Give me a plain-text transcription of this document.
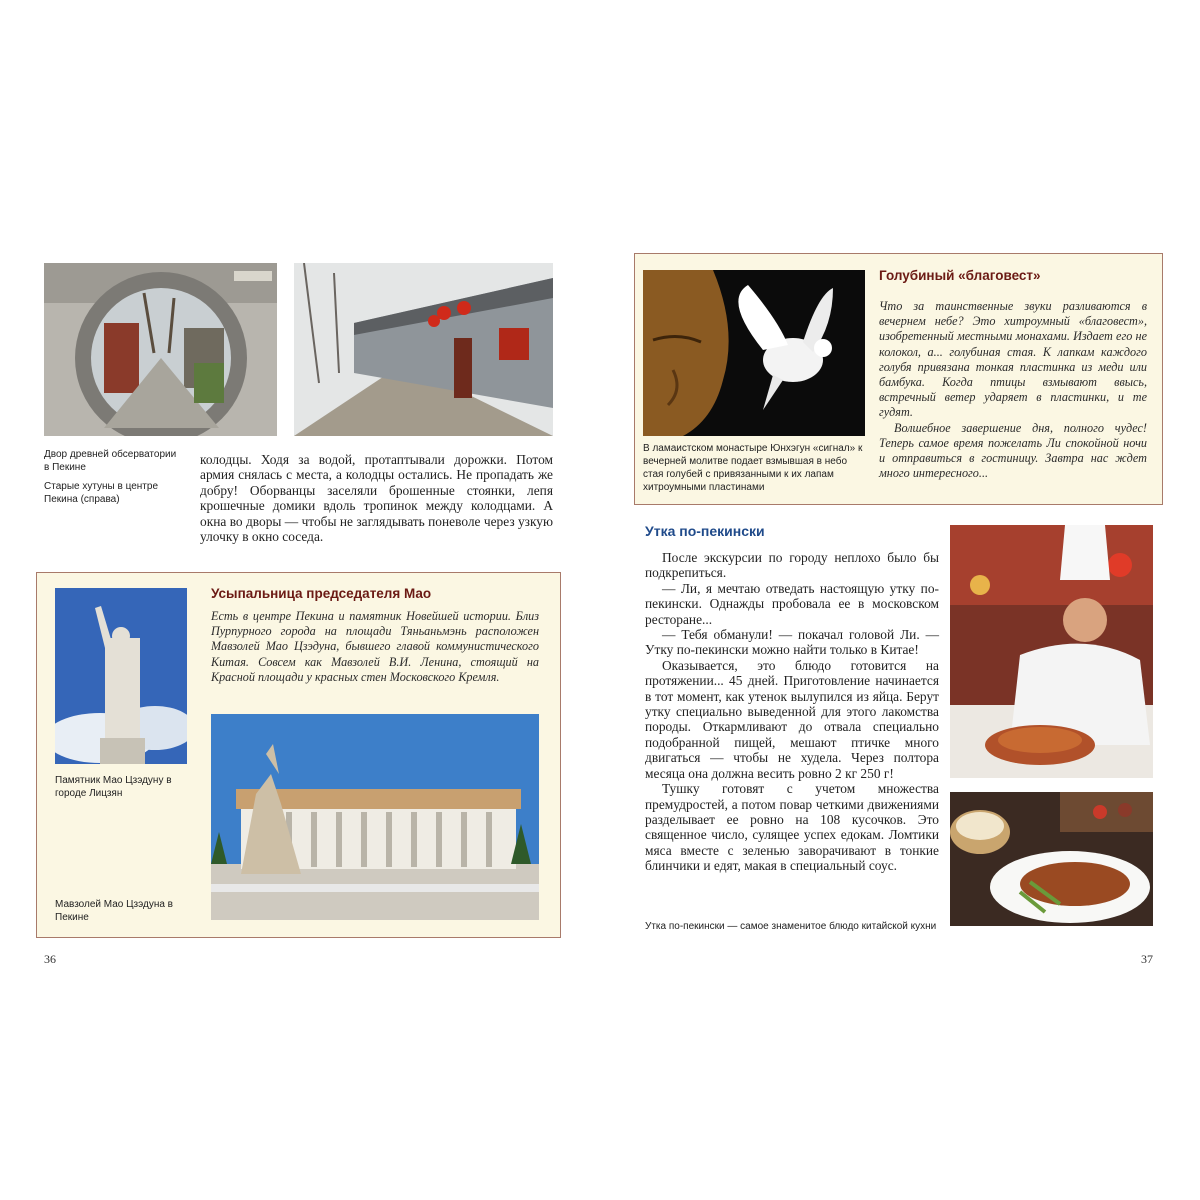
Двор древней обсерватории в Пекине
Старые хутуны в центре Пекина (справа)

колодцы. Ходя за водой, протаптывали дорожки. Потом армия снялась с места, а колодцы остались. Не пропадать же добру! Оборванцы заселяли брошенные стоянки, лепя крошечные домики вдоль тропинок между колодцами. А окна во дворы — чтобы не заглядывать поневоле через узкую улочку в окно соседа.

Усыпальница председателя Мао

Есть в центре Пекина и памятник Новейшей истории. Близ Пурпурного города на площади Тяньаньмэнь расположен Мавзолей Мао Цзэдуна, бывшего главой коммунистического Китая. Совсем как Мавзолей В.И. Ленина, стоящий на Красной площади у красных стен Московского Кремля.

Памятник Мао Цзэдуну в городе Лицзян
Мавзолей Мао Цзэдуна в Пекине
36
В ламаистском монастыре Юнхэгун «сигнал» к вечерней молитве подает взмывшая в небо стая голубей с привязанными к их лапам хитроумными пластинами
Голубиный «благовест»

Что за таинственные звуки разливаются в вечернем небе? Это хитроумный «благовест», изобретенный местными монахами. Издает его не колокол, а... голубиная стая. К лапкам каждого голубя привязана тонкая пластинка из меди или бамбука. Когда птицы взмывают ввысь, встречный ветер ударяет в пластинки, и те гудят.

Волшебное завершение дня, полного чудес! Теперь самое время пожелать Ли спокойной ночи и отправиться в гостиницу. Завтра нас ждет много интересного...

Утка по-пекински

После экскурсии по городу неплохо было бы подкрепиться.

— Ли, я мечтаю отведать настоящую утку по-пекински. Однажды пробовала ее в московском ресторане...

— Тебя обманули! — покачал головой Ли. — Утку по-пекински можно найти только в Китае!

Оказывается, это блюдо готовится на протяжении... 45 дней. Приготовление начинается в тот момент, как утенок вылупился из яйца. Берут утку специально выведенной для этого лакомства породы. Откармливают до отвала специально подобранной пищей, мешают птичке много двигаться — чтобы не худела. Через полтора месяца она должна весить ровно 2 кг 250 г!

Тушку готовят с учетом множества премудростей, а потом повар четкими движениями разделывает ее ровно на 108 кусочков. Это священное число, сулящее успех едокам. Ломтики мяса вместе с зеленью заворачивают в тонкие блинчики и едят, макая в специальный соус.

Утка по-пекински — самое знаменитое блюдо китайской кухни
37
